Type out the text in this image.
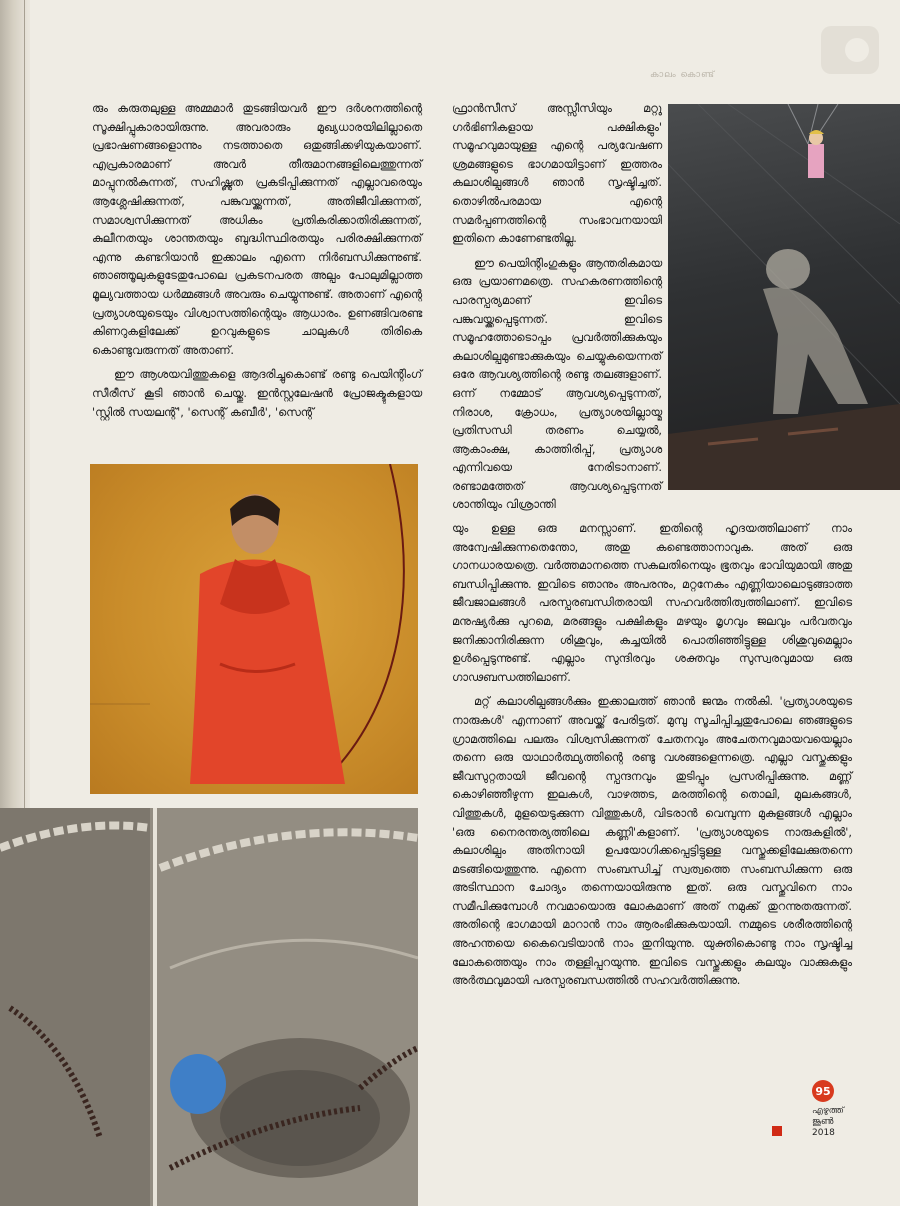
കാലം കൊണ്ട്

രും കരുതലുള്ള അമ്മമാർ തുടങ്ങിയവർ ഈ ദർശനത്തിന്റെ സൂക്ഷിപ്പുകാരായിരുന്നു. അവരാരും മുഖ്യധാരയിലില്ലാതെ പ്രഭാഷണങ്ങളൊന്നും നടത്താതെ ഒതുങ്ങിക്കഴിയുകയാണ്. എപ്രകാരമാണ് അവർ തീരുമാനങ്ങളിലെത്തുന്നത് മാപ്പുനൽകുന്നത്, സഹിഷ്ണുത പ്രകടിപ്പിക്കുന്നത് എല്ലാവരെയും ആശ്ലേഷിക്കുന്നത്, പങ്കുവയ്ക്കുന്നത്, അതിജീവിക്കുന്നത്, സമാശ്വസിക്കുന്നത് അധികം പ്രതികരിക്കാതിരിക്കുന്നത്, കുലീനതയും ശാന്തതയും ബുദ്ധിസ്ഥിരതയും പരിരക്ഷിക്കുന്നത് എന്നു കണ്ടറിയാൻ ഇക്കാലം എന്നെ നിർബന്ധിക്കുന്നുണ്ട്. ഞാഞ്ഞൂലുകളുടേതുപോലെ പ്രകടനപരത അല്പം പോലുമില്ലാത്ത മൂല്യവത്തായ ധർമ്മങ്ങൾ അവരും ചെയ്യുന്നുണ്ട്. അതാണ് എന്റെ പ്രത്യാശയുടെയും വിശ്വാസത്തിന്റെയും ആധാരം. ഉണങ്ങിവരണ്ട കിണറുകളിലേക്ക് ഉറവുകളുടെ ചാലുകൾ തിരികെ കൊണ്ടുവരുന്നത് അതാണ്.

ഈ ആശയവിത്തുകളെ ആദരിച്ചുകൊണ്ട് രണ്ടു പെയിന്റിംഗ് സീരീസ് കൂടി ഞാൻ ചെയ്തു. ഇൻസ്റ്റലേഷൻ പ്രോജക്ടുകളായ 'സ്റ്റിൽ സയലന്റ്', 'സെന്റ് കബീർ', 'സെന്റ്

ഫ്രാൻസീസ് അസ്സീസിയും മറ്റു ഗർഭിണികളായ പക്ഷികളും' സമൂഹവുമായുള്ള എന്റെ പര്യവേഷണ ശ്രമങ്ങളുടെ ഭാഗമായിട്ടാണ് ഇത്തരം കലാശില്പങ്ങൾ ഞാൻ സൃഷ്ടിച്ചത്. തൊഴിൽപരമായ എന്റെ സമർപ്പണത്തിന്റെ സംഭാവനയായി ഇതിനെ കാണേണ്ടതില്ല.

ഈ പെയിന്റിംഗുകളും ആന്തരികമായ ഒരു പ്രയാണമത്രെ. സഹകരണത്തിന്റെ പാരസ്പര്യമാണ് ഇവിടെ പങ്കുവയ്ക്കപ്പെടുന്നത്. ഇവിടെ സമൂഹത്തോടൊപ്പം പ്രവർത്തിക്കുകയും കലാശില്പമുണ്ടാക്കുകയും ചെയ്യുകയെന്നത് ഒരേ ആവശ്യത്തിന്റെ രണ്ടു തലങ്ങളാണ്. ഒന്ന് നമ്മോട് ആവശ്യപ്പെടുന്നത്, നിരാശ, ക്രോധം, പ്രത്യാശയില്ലായ്മ പ്രതിസന്ധി തരണം ചെയ്യൽ, ആകാംക്ഷ, കാത്തിരിപ്പ്, പ്രത്യാശ എന്നിവയെ നേരിടാനാണ്. രണ്ടാമത്തേത് ആവശ്യപ്പെടുന്നത് ശാന്തിയും വിശ്രാന്തി

യും ഉള്ള ഒരു മനസ്സാണ്. ഇതിന്റെ ഹൃദയത്തിലാണ് നാം അന്വേഷിക്കുന്നതെന്തോ, അതു കണ്ടെത്താനാവുക. അത് ഒരു ഗാനധാരയത്രെ. വർത്തമാനത്തെ സകലതിനെയും ഭൂതവും ഭാവിയുമായി അതു ബന്ധിപ്പിക്കുന്നു. ഇവിടെ ഞാനും അപരനും, മറ്റനേകം എണ്ണിയാലൊടുങ്ങാത്ത ജീവജാലങ്ങൾ പരസ്പരബന്ധിതരായി സഹവർത്തിത്വത്തിലാണ്. ഇവിടെ മനുഷ്യർക്കു പുറമെ, മരങ്ങളും പക്ഷികളും മഴയും മൃഗവും ജലവും പർവതവും ജനിക്കാനിരിക്കുന്ന ശിശുവും, കച്ചയിൽ പൊതിഞ്ഞിട്ടുള്ള ശിശുവുമെല്ലാം ഉൾപ്പെടുന്നുണ്ട്. എല്ലാം സുന്ദിരവും ശക്തവും സുസ്വരവുമായ ഒരു ഗാഢബന്ധത്തിലാണ്.

മറ്റ് കലാശില്പങ്ങൾക്കും ഇക്കാലത്ത് ഞാൻ ജന്മം നൽകി. 'പ്രത്യാശയുടെ നാരുകൾ' എന്നാണ് അവയ്ക്ക് പേരിട്ടത്. മുമ്പു സൂചിപ്പിച്ചതുപോലെ ഞങ്ങളുടെ ഗ്രാമത്തിലെ പലരും വിശ്വസിക്കുന്നത് ചേതനവും അചേതനവുമായവയെല്ലാം തന്നെ ഒരു യാഥാർത്ഥ്യത്തിന്റെ രണ്ടു വശങ്ങളെന്നത്രെ. എല്ലാ വസ്തുക്കളും ജീവസുറ്റതായി ജീവന്റെ സ്പന്ദനവും തുടിപ്പും പ്രസരിപ്പിക്കുന്നു. മണ്ണ് കൊഴിഞ്ഞീഴുന്ന ഇലകൾ, വാഴത്തട, മരത്തിന്റെ തൊലി, മുലകങ്ങൾ, വിത്തുകൾ, മുളയെടുക്കുന്ന വിത്തുകൾ, വിടരാൻ വെമ്പുന്ന മുകുളങ്ങൾ എല്ലാം 'ഒരു നൈരന്തര്യത്തിലെ കണ്ണി'കളാണ്. 'പ്രത്യാശയുടെ നാരുകളിൽ', കലാശില്പം അതിനായി ഉപയോഗിക്കപ്പെട്ടിട്ടുള്ള വസ്തുക്കളിലേക്കുതന്നെ മടങ്ങിയെത്തുന്നു. എന്നെ സംബന്ധിച്ച് സ്വത്വത്തെ സംബന്ധിക്കുന്ന ഒരു അടിസ്ഥാന ചോദ്യം തന്നെയായിരുന്നു ഇത്. ഒരു വസ്തുവിനെ നാം സമീപിക്കുമ്പോൾ നവമായൊരു ലോകമാണ് അത് നമുക്ക് തുറന്നുതരുന്നത്. അതിന്റെ ഭാഗമായി മാറാൻ നാം ആരംഭിക്കുകയായി. നമ്മുടെ ശരീരത്തിന്റെ അഹന്തയെ കൈവെടിയാൻ നാം തുനിയുന്നു. യുക്തികൊണ്ടു നാം സൃഷ്ടിച്ച ലോകത്തെയും നാം തള്ളിപ്പറയുന്നു. ഇവിടെ വസ്തുക്കളും കലയും വാക്കുകളും അർത്ഥവുമായി പരസ്പരബന്ധത്തിൽ സഹവർത്തിക്കുന്നു.

95
എഴുത്ത്
ജൂൺ
2018
